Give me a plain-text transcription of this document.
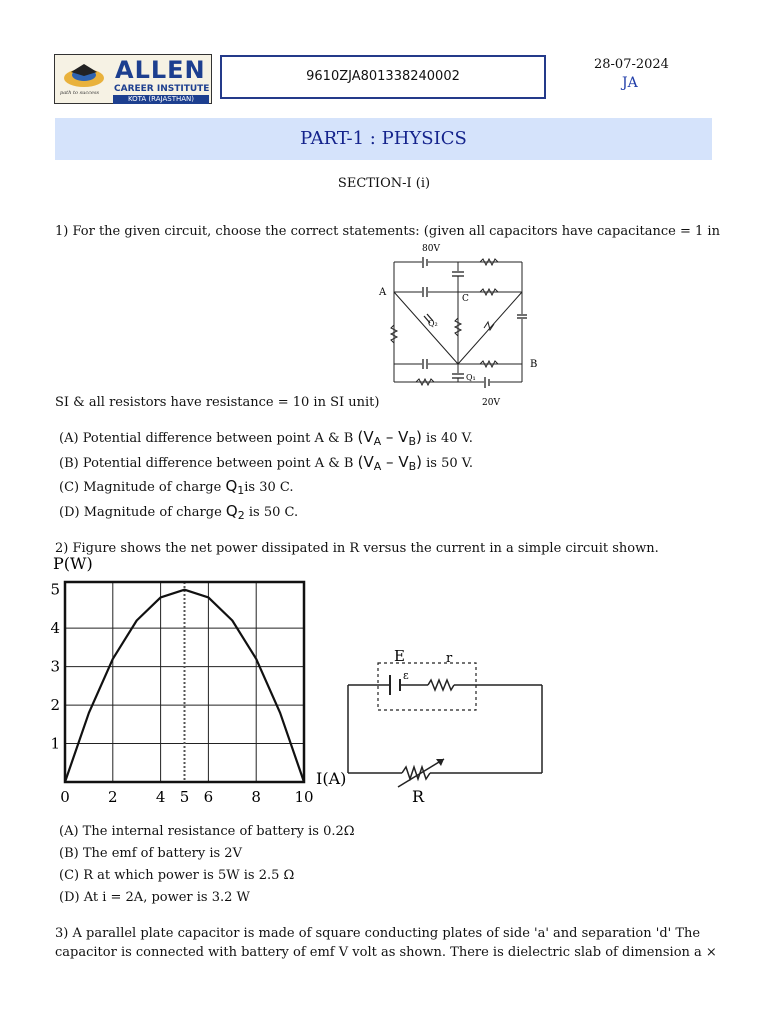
ALLEN
CAREER INSTITUTE
KOTA (RAJASTHAN)
path to success
9610ZJA801338240002
28-07-2024
JA
PART-1 : PHYSICS
SECTION-I (i)
1) For the given circuit, choose the correct statements: (given all capacitors have capacitance = 1 in
80V
20V
A
B
C
Q₂
Q₁
SI & all resistors have resistance = 10 in SI unit)
(A) Potential difference between point A & B $(V_A - V_B)$ is 40 V.
(B) Potential difference between point A & B $(V_A - V_B)$ is 50 V.
(C) Magnitude of charge $Q_1is$ 30 C.
(D) Magnitude of charge $Q_2$ is 50 C.
2) Figure shows the net power dissipated in R versus the current in a simple circuit shown.
0	2	4 5 6	8 10
1
2
3
4
5
P(W)
I(A)
E
ε
r
R
(A) The internal resistance of battery is 0.2Ω
(B) The emf of battery is 2V
(C) R at which power is 5W is 2.5 Ω
(D) At i = 2A, power is 3.2 W
3) A parallel plate capacitor is made of square conducting plates of side 'a' and separation 'd' The
capacitor is connected with battery of emf V volt as shown. There is dielectric slab of dimension a ×
